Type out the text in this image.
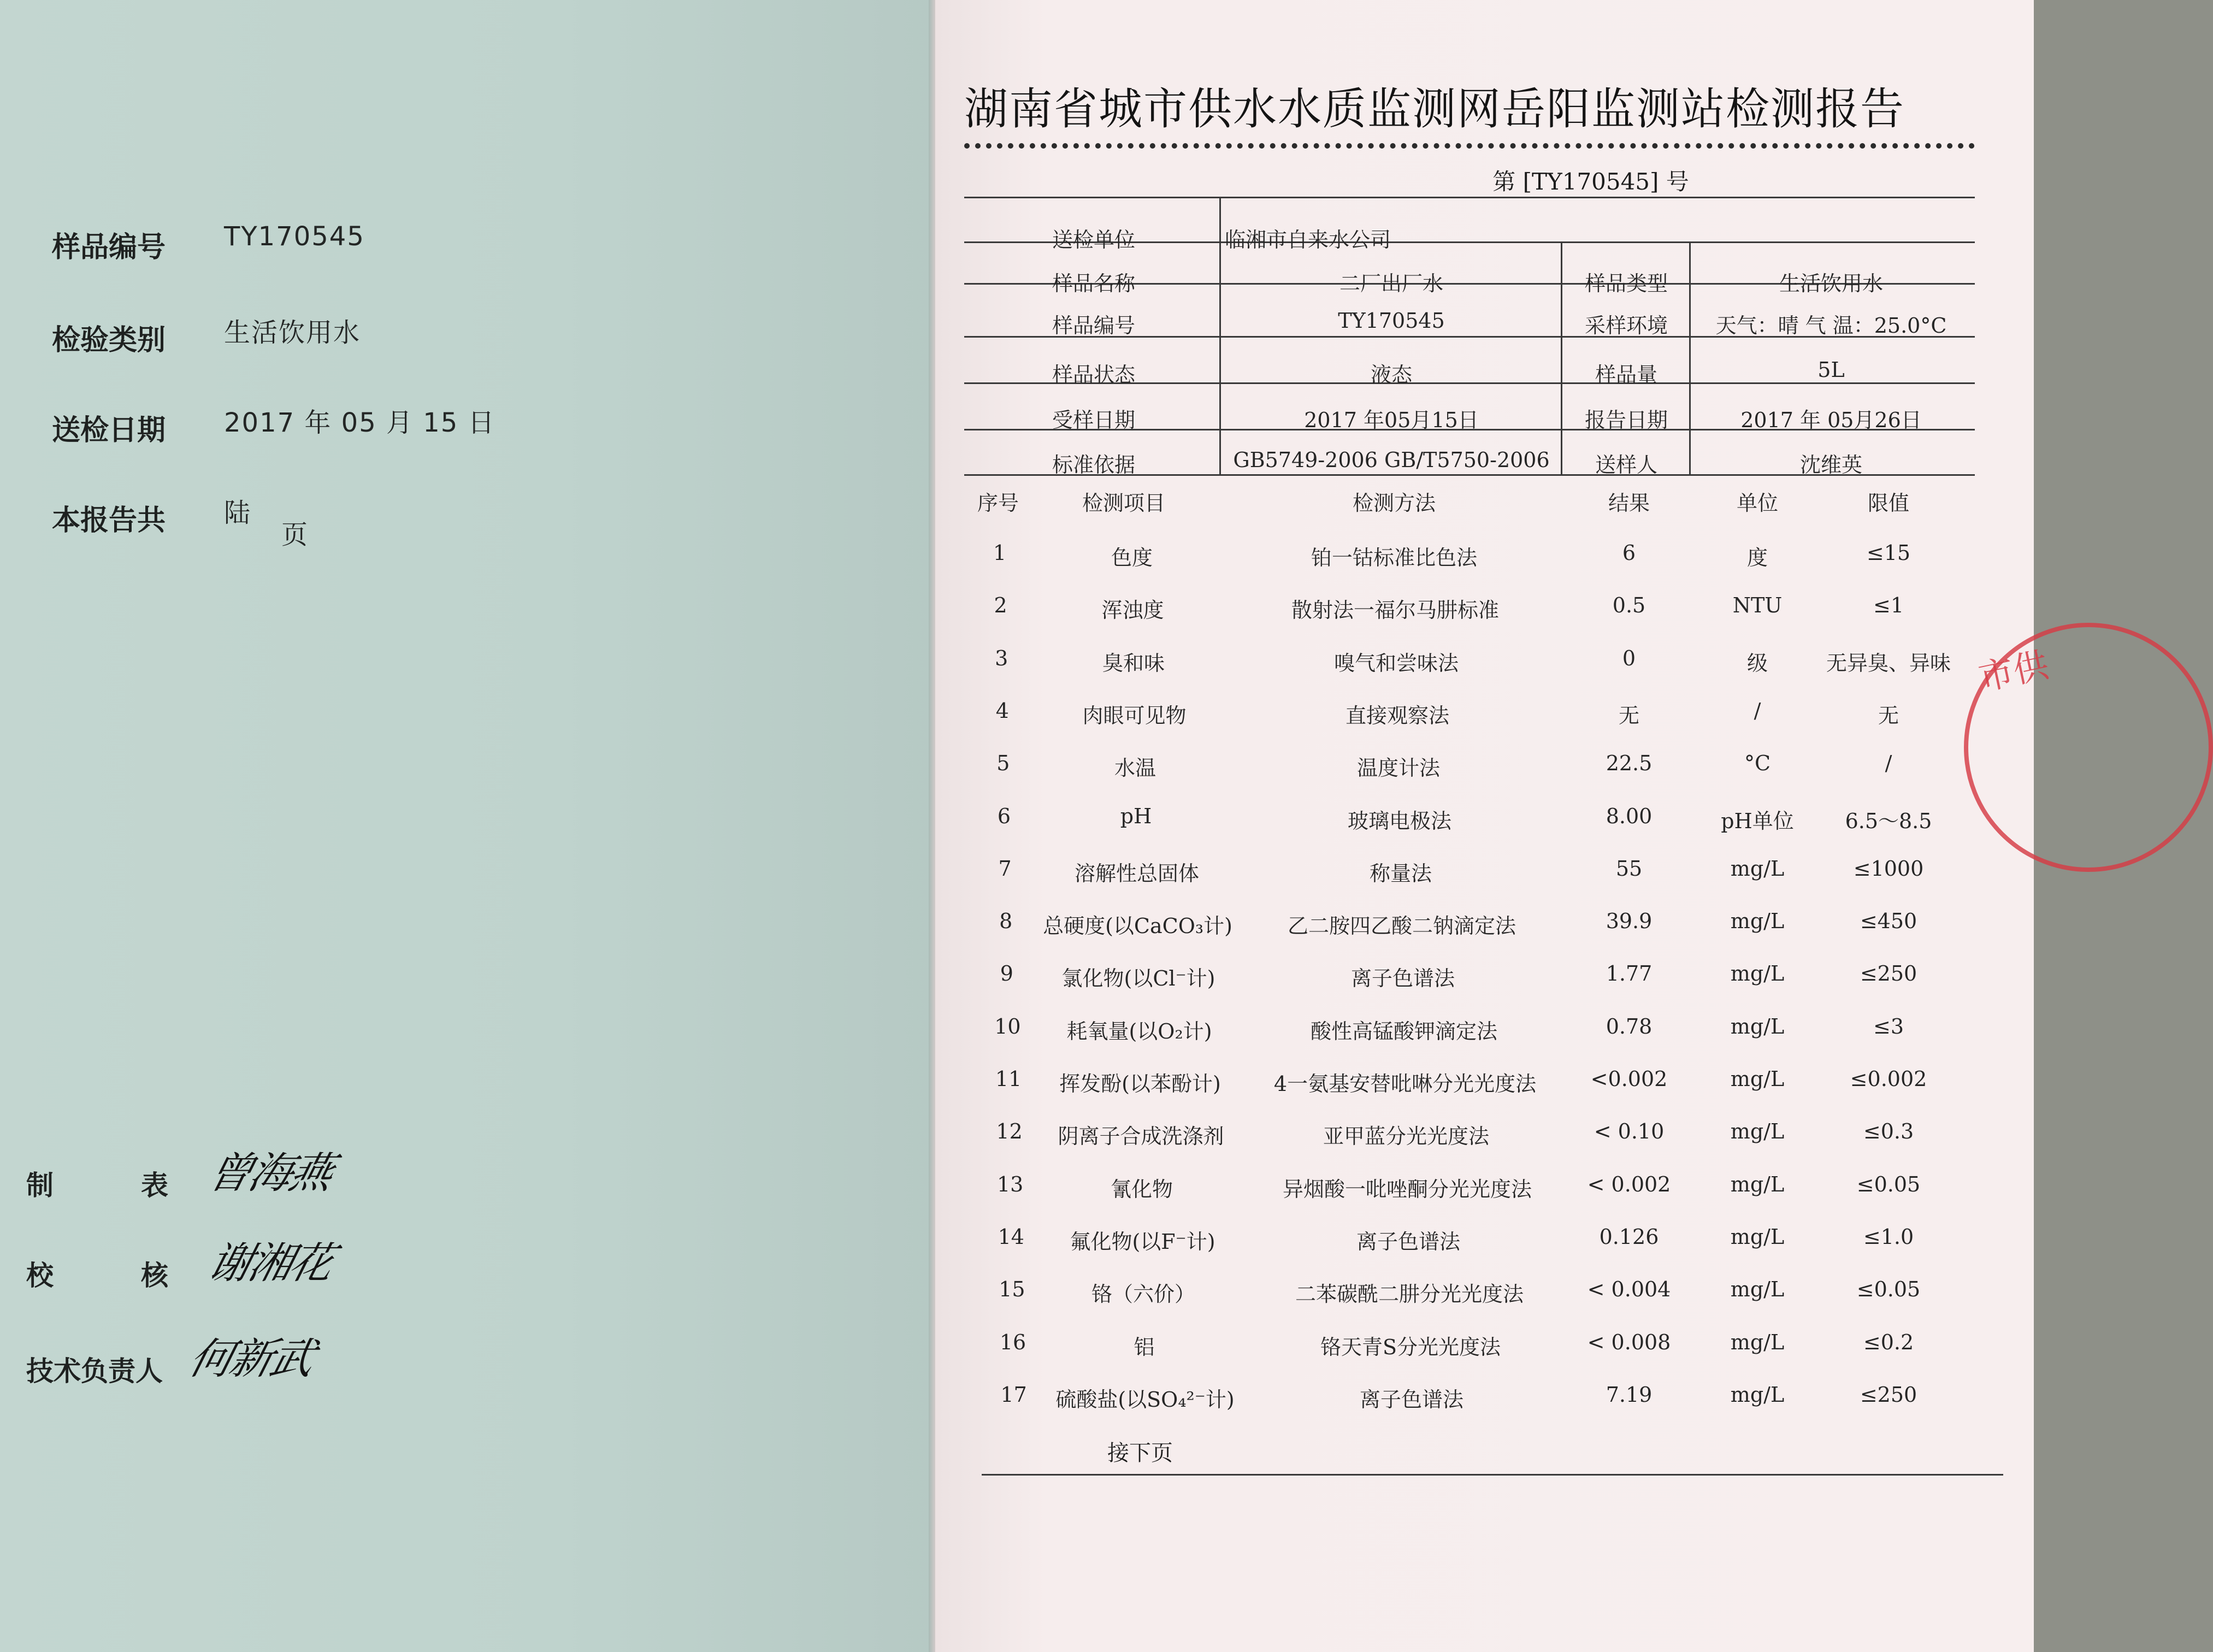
样品编号 TY170545
检验类别 生活饮用水
送检日期 2017 年 05 月 15 日
本报告共 陆
页
制	表 曾海燕
校	核 谢湘花
技术负责人 何新武
湖南省城市供水水质监测网岳阳监测站检测报告
第 [TY170545] 号
送检单位	临湘市自来水公司
样品名称	二厂出厂水	样品类型	生活饮用水
样品编号	TY170545	采样环境 天气：晴 气 温：25.0°C
样品状态	液态	样品量	5L
受样日期	2017 年05月15日	报告日期	2017 年 05月26日
标准依据	GB5749-2006 GB/T5750-2006 送样人	沈维英
序号	检测项目	检测方法	结果	单位	限值
1	色度	铂一钴标准比色法	6	度	≤15
2	浑浊度	散射法一福尔马肼标准	0.5	NTU	≤1
3	臭和味	嗅气和尝味法	0	级	无异臭、异味
4	肉眼可见物	直接观察法	无	/	无
5	水温	温度计法	22.5	°C	/
6	pH	玻璃电极法	8.00	pH单位 6.5～8.5
7	溶解性总固体	称量法	55	mg/L	≤1000
8 总硬度(以CaCO₃计)	乙二胺四乙酸二钠滴定法	39.9	mg/L	≤450
9 氯化物(以Cl⁻计)	离子色谱法	1.77	mg/L	≤250
10 耗氧量(以O₂计)	酸性高锰酸钾滴定法	0.78	mg/L	≤3
11 挥发酚(以苯酚计)	4一氨基安替吡啉分光光度法	<0.002	mg/L	≤0.002
12 阴离子合成洗涤剂	亚甲蓝分光光度法	< 0.10	mg/L	≤0.3
13	氰化物	异烟酸一吡唑酮分光光度法	< 0.002	mg/L	≤0.05
14 氟化物(以F⁻计)	离子色谱法	0.126	mg/L	≤1.0
15	铬（六价）	二苯碳酰二肼分光光度法	< 0.004	mg/L	≤0.05
16	铝	铬天青S分光光度法	< 0.008	mg/L	≤0.2
17 硫酸盐(以SO₄²⁻计)	离子色谱法	7.19	mg/L	≤250
接下页
市供
